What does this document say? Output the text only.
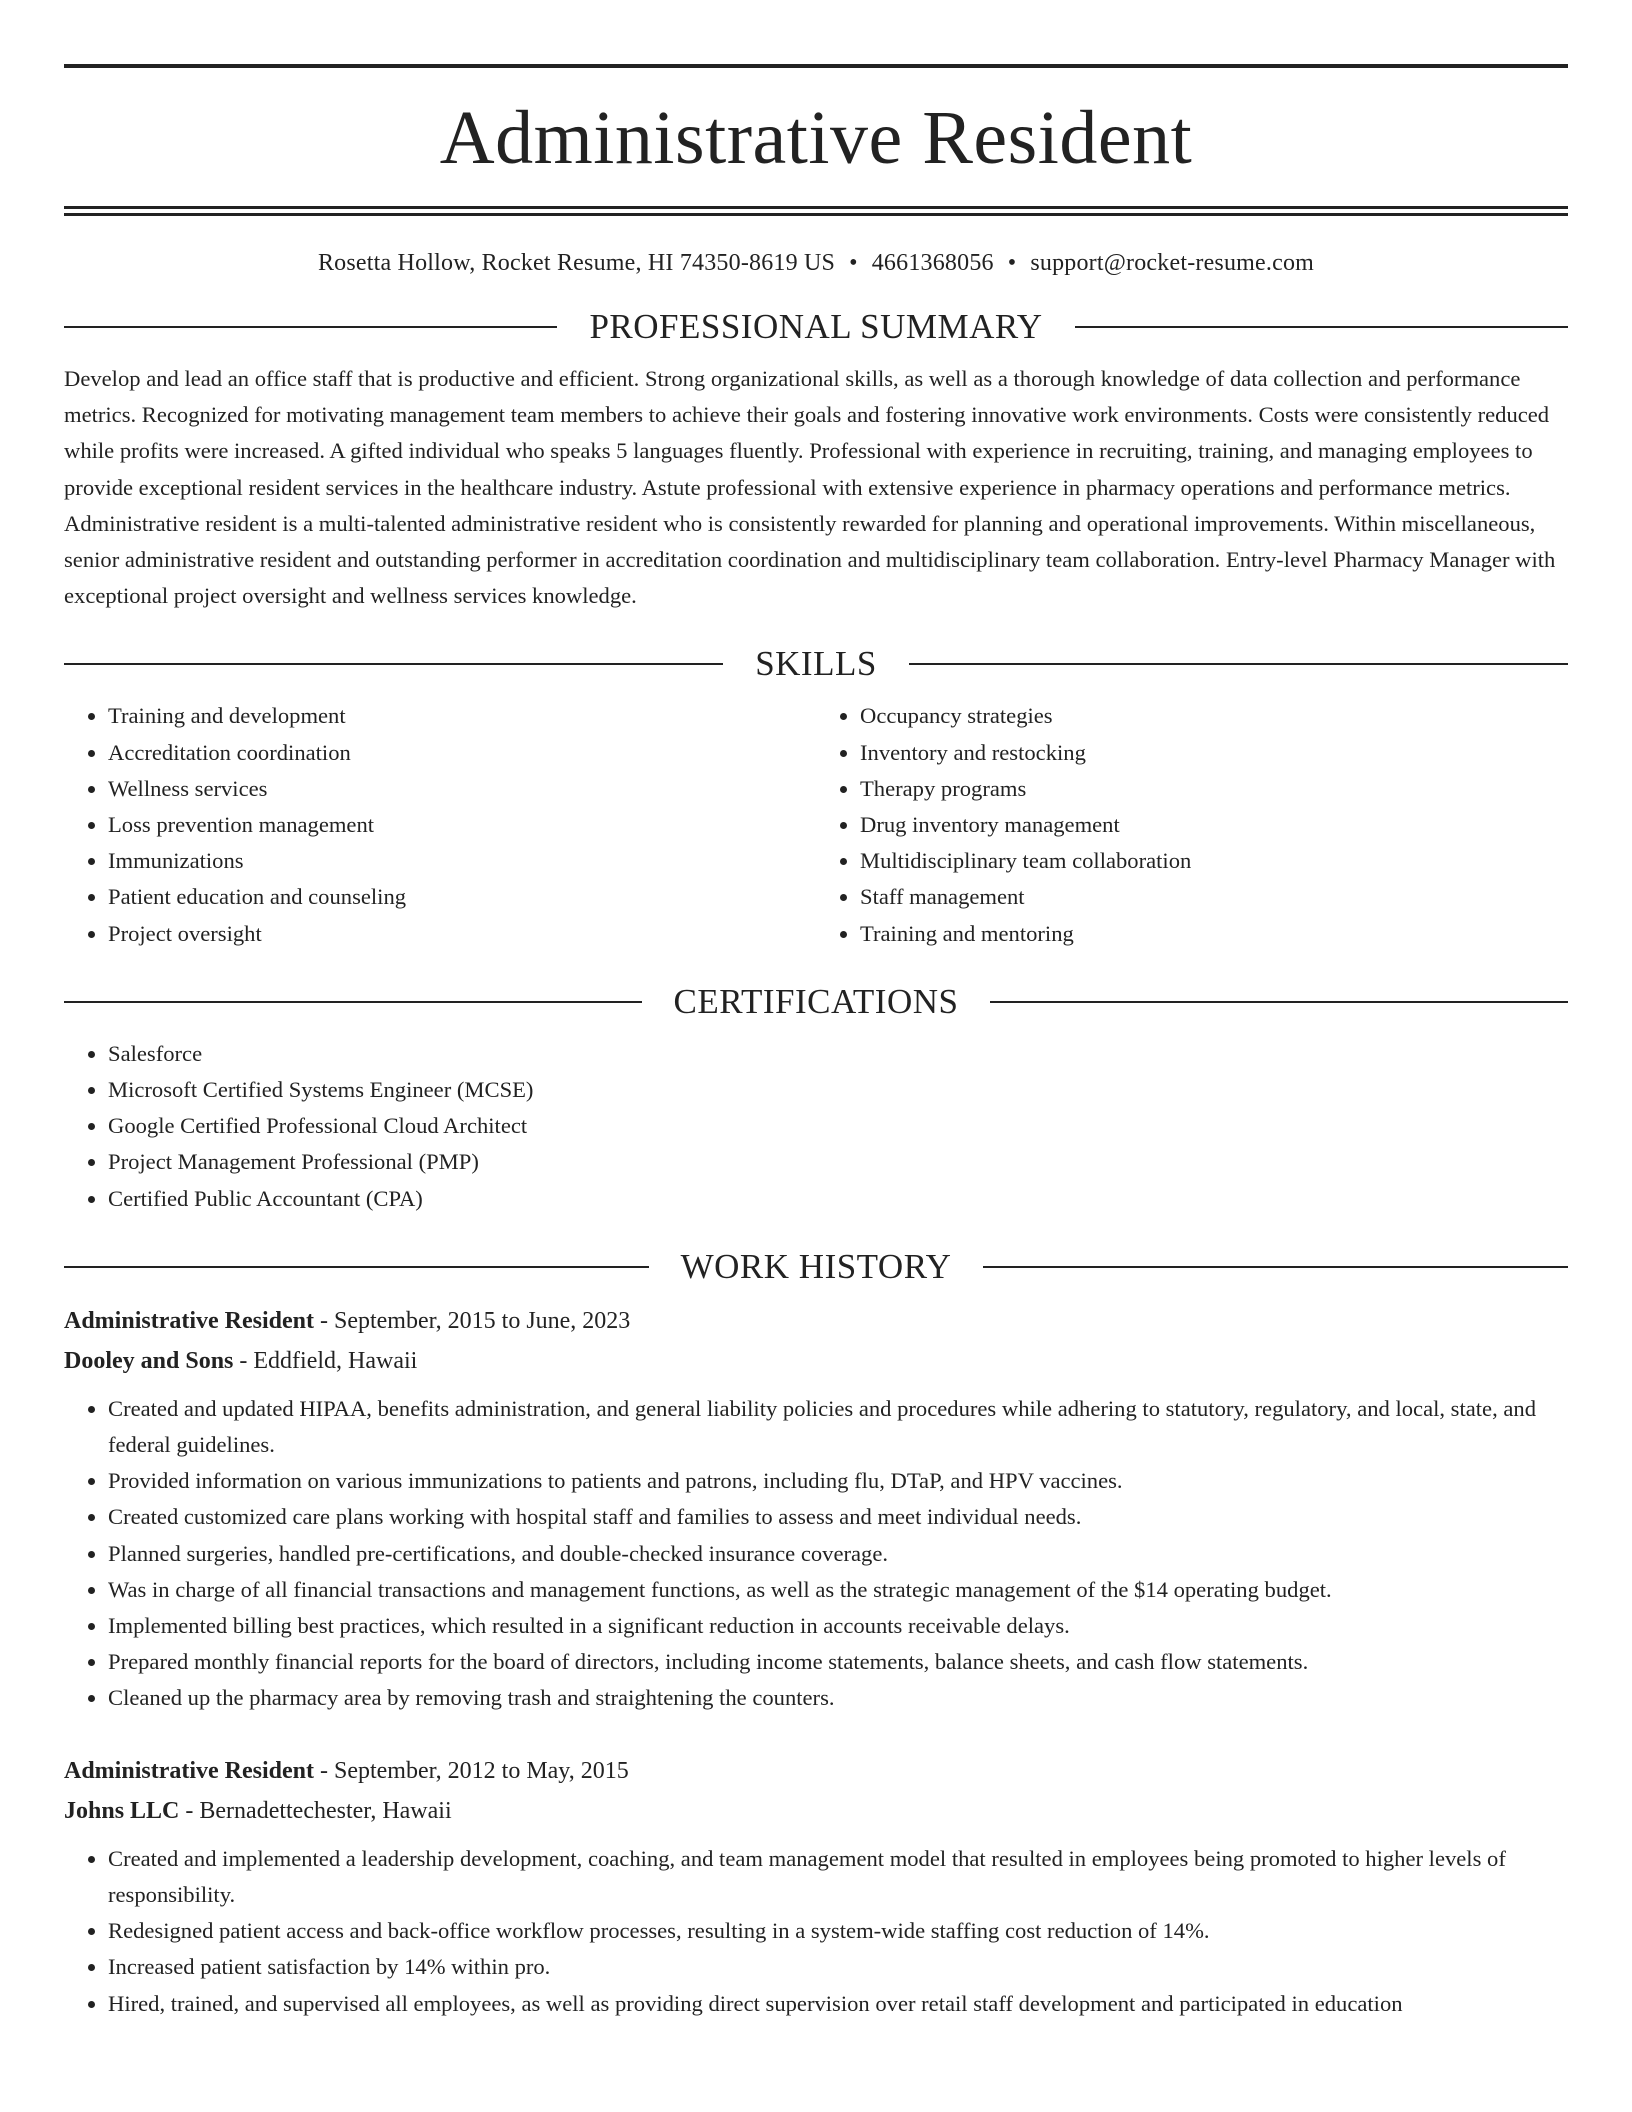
Administrative Resident
Rosetta Hollow, Rocket Resume, HI 74350-8619 US • 4661368056 • support@rocket-resume.com
PROFESSIONAL SUMMARY

Develop and lead an office staff that is productive and efficient. Strong organizational skills, as well as a thorough knowledge of data collection and performance metrics. Recognized for motivating management team members to achieve their goals and fostering innovative work environments. Costs were consistently reduced while profits were increased. A gifted individual who speaks 5 languages fluently. Professional with experience in recruiting, training, and managing employees to provide exceptional resident services in the healthcare industry. Astute professional with extensive experience in pharmacy operations and performance metrics. Administrative resident is a multi-talented administrative resident who is consistently rewarded for planning and operational improvements. Within miscellaneous, senior administrative resident and outstanding performer in accreditation coordination and multidisciplinary team collaboration. Entry-level Pharmacy Manager with exceptional project oversight and wellness services knowledge.

SKILLS
• Training and development
• Accreditation coordination
• Wellness services
• Loss prevention management
• Immunizations
• Patient education and counseling
• Project oversight
• Occupancy strategies
• Inventory and restocking
• Therapy programs
• Drug inventory management
• Multidisciplinary team collaboration
• Staff management
• Training and mentoring
CERTIFICATIONS
• Salesforce
• Microsoft Certified Systems Engineer (MCSE)
• Google Certified Professional Cloud Architect
• Project Management Professional (PMP)
• Certified Public Accountant (CPA)
WORK HISTORY
Administrative Resident - September, 2015 to June, 2023
Dooley and Sons - Eddfield, Hawaii
• Created and updated HIPAA, benefits administration, and general liability policies and procedures while adhering to statutory, regulatory, and local, state, and federal guidelines.
• Provided information on various immunizations to patients and patrons, including flu, DTaP, and HPV vaccines.
• Created customized care plans working with hospital staff and families to assess and meet individual needs.
• Planned surgeries, handled pre-certifications, and double-checked insurance coverage.
• Was in charge of all financial transactions and management functions, as well as the strategic management of the $14 operating budget.
• Implemented billing best practices, which resulted in a significant reduction in accounts receivable delays.
• Prepared monthly financial reports for the board of directors, including income statements, balance sheets, and cash flow statements.
• Cleaned up the pharmacy area by removing trash and straightening the counters.
Administrative Resident - September, 2012 to May, 2015
Johns LLC - Bernadettechester, Hawaii
• Created and implemented a leadership development, coaching, and team management model that resulted in employees being promoted to higher levels of responsibility.
• Redesigned patient access and back-office workflow processes, resulting in a system-wide staffing cost reduction of 14%.
• Increased patient satisfaction by 14% within pro.
• Hired, trained, and supervised all employees, as well as providing direct supervision over retail staff development and participated in education
